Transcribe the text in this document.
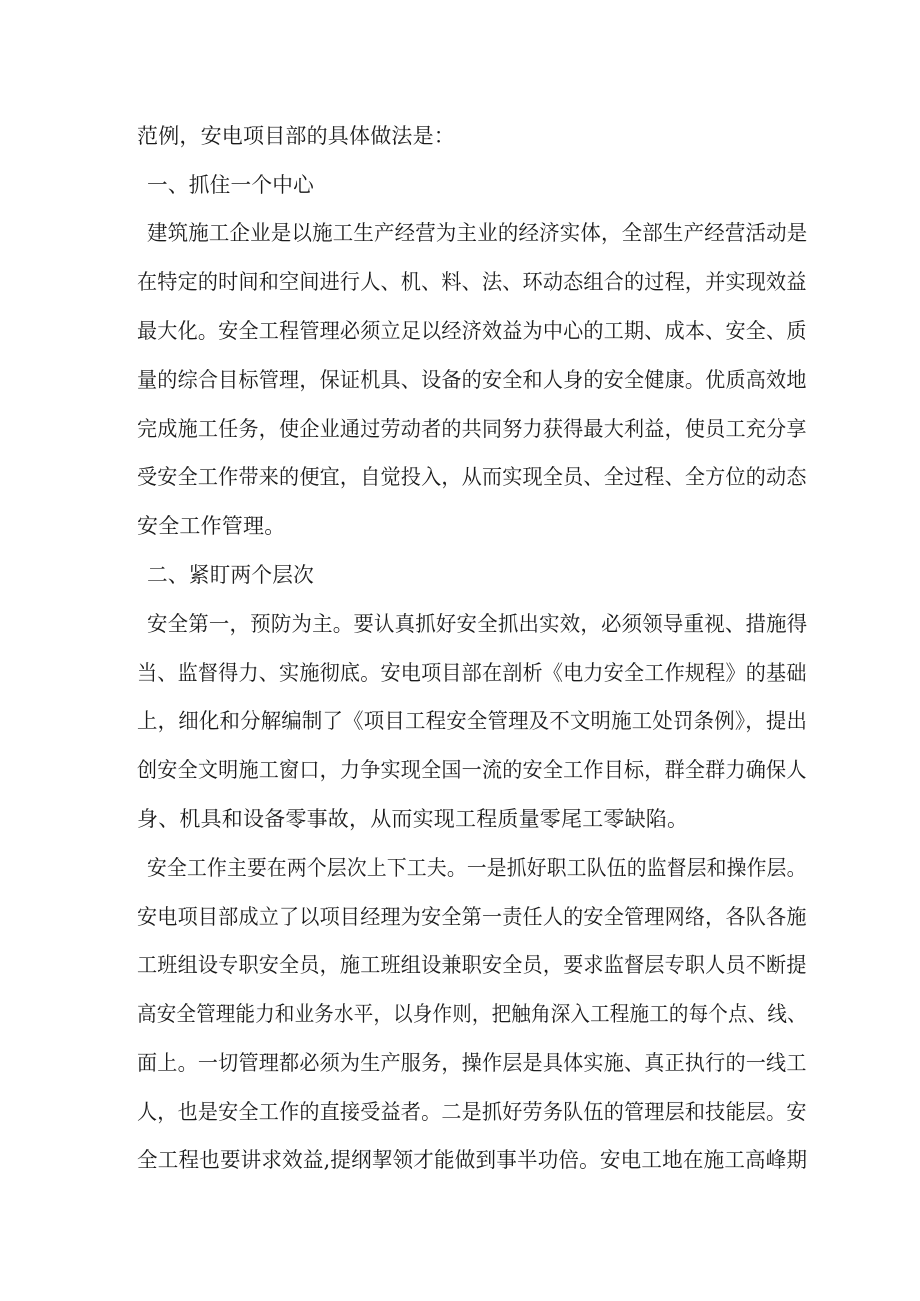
范例，安电项目部的具体做法是：
一、抓住一个中心
建筑施工企业是以施工生产经营为主业的经济实体，全部生产经营活动是
在特定的时间和空间进行人、机、料、法、环动态组合的过程，并实现效益
最大化。安全工程管理必须立足以经济效益为中心的工期、成本、安全、质
量的综合目标管理，保证机具、设备的安全和人身的安全健康。优质高效地
完成施工任务，使企业通过劳动者的共同努力获得最大利益，使员工充分享
受安全工作带来的便宜，自觉投入，从而实现全员、全过程、全方位的动态
安全工作管理。
二、紧盯两个层次
安全第一，预防为主。要认真抓好安全抓出实效，必须领导重视、措施得
当、监督得力、实施彻底。安电项目部在剖析《电力安全工作规程》的基础
上，细化和分解编制了《项目工程安全管理及不文明施工处罚条例》，提出
创安全文明施工窗口，力争实现全国一流的安全工作目标，群全群力确保人
身、机具和设备零事故，从而实现工程质量零尾工零缺陷。
安全工作主要在两个层次上下工夫。一是抓好职工队伍的监督层和操作层。
安电项目部成立了以项目经理为安全第一责任人的安全管理网络，各队各施
工班组设专职安全员，施工班组设兼职安全员，要求监督层专职人员不断提
高安全管理能力和业务水平，以身作则，把触角深入工程施工的每个点、线、
面上。一切管理都必须为生产服务，操作层是具体实施、真正执行的一线工
人，也是安全工作的直接受益者。二是抓好劳务队伍的管理层和技能层。安
全工程也要讲求效益,提纲挈领才能做到事半功倍。安电工地在施工高峰期
